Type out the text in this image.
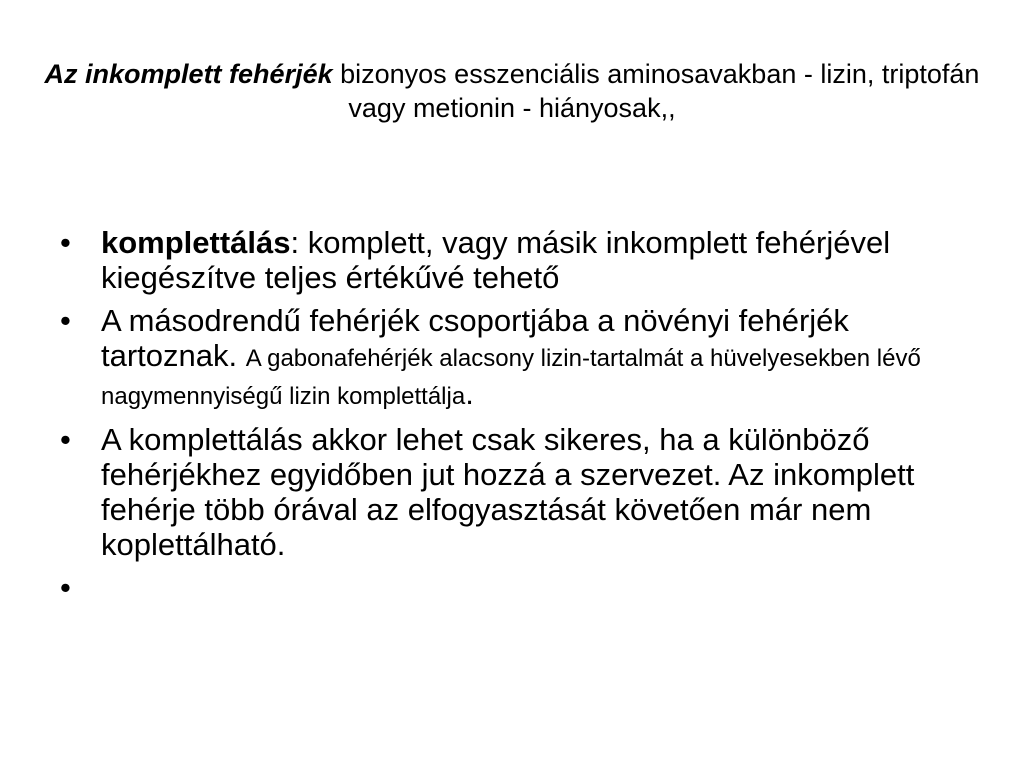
Az inkomplett fehérjék bizonyos esszenciális aminosavakban - lizin, triptofán vagy metionin - hiányosak,,
• komplettálás: komplett, vagy másik inkomplett fehérjével kiegészítve teljes értékűvé tehető
• A másodrendű fehérjék csoportjába a növényi fehérjék tartoznak. A gabonafehérjék alacsony lizin-tartalmát a hüvelyesekben lévő nagymennyiségű lizin komplettálja.
• A komplettálás akkor lehet csak sikeres, ha a különböző fehérjékhez egyidőben jut hozzá a szervezet. Az inkomplett fehérje több órával az elfogyasztását követően már nem koplettálható.
•
